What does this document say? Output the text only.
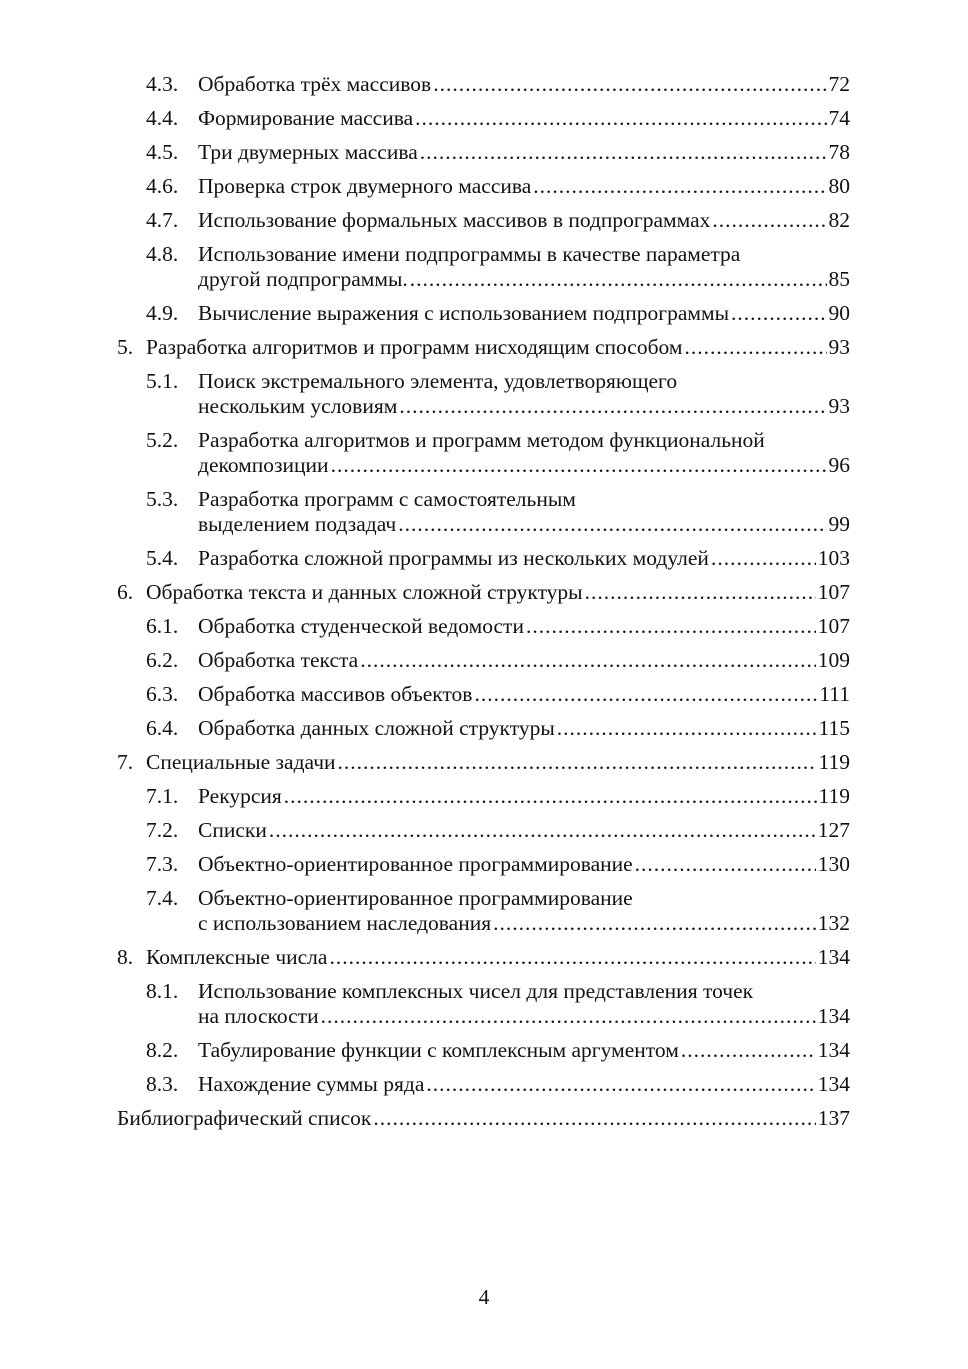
4.3. Обработка трёх массивов .....	72
4.4. Формирование массива .....	74
4.5. Три двумерных массива .....	78
4.6. Проверка строк двумерного массива .....	80
4.7. Использование формальных массивов в подпрограммах .....	82
4.8. Использование имени подпрограммы в качестве параметра
другой подпрограммы. .....	85
4.9. Вычисление выражения с использованием подпрограммы .....	90
5. Разработка алгоритмов и программ нисходящим способом .....	93
5.1. Поиск экстремального элемента, удовлетворяющего
нескольким условиям .....	93
5.2. Разработка алгоритмов и программ методом функциональной
декомпозиции .....	96
5.3. Разработка программ с самостоятельным
выделением подзадач .....	99
5.4. Разработка сложной программы из нескольких модулей .....	103
6. Обработка текста и данных сложной структуры .....	107
6.1. Обработка студенческой ведомости .....	107
6.2. Обработка текста .....	109
6.3. Обработка массивов объектов .....	111
6.4. Обработка данных сложной структуры .....	115
7. Специальные задачи .....	119
7.1. Рекурсия .....	119
7.2. Списки .....	127
7.3. Объектно-ориентированное программирование .....	130
7.4. Объектно-ориентированное программирование
с использованием наследования .....	132
8. Комплексные числа .....	134
8.1. Использование комплексных чисел для представления точек
на плоскости .....	134
8.2. Табулирование функции с комплексным аргументом .....	134
8.3. Нахождение суммы ряда .....	134
Библиографический список .....	137
4
